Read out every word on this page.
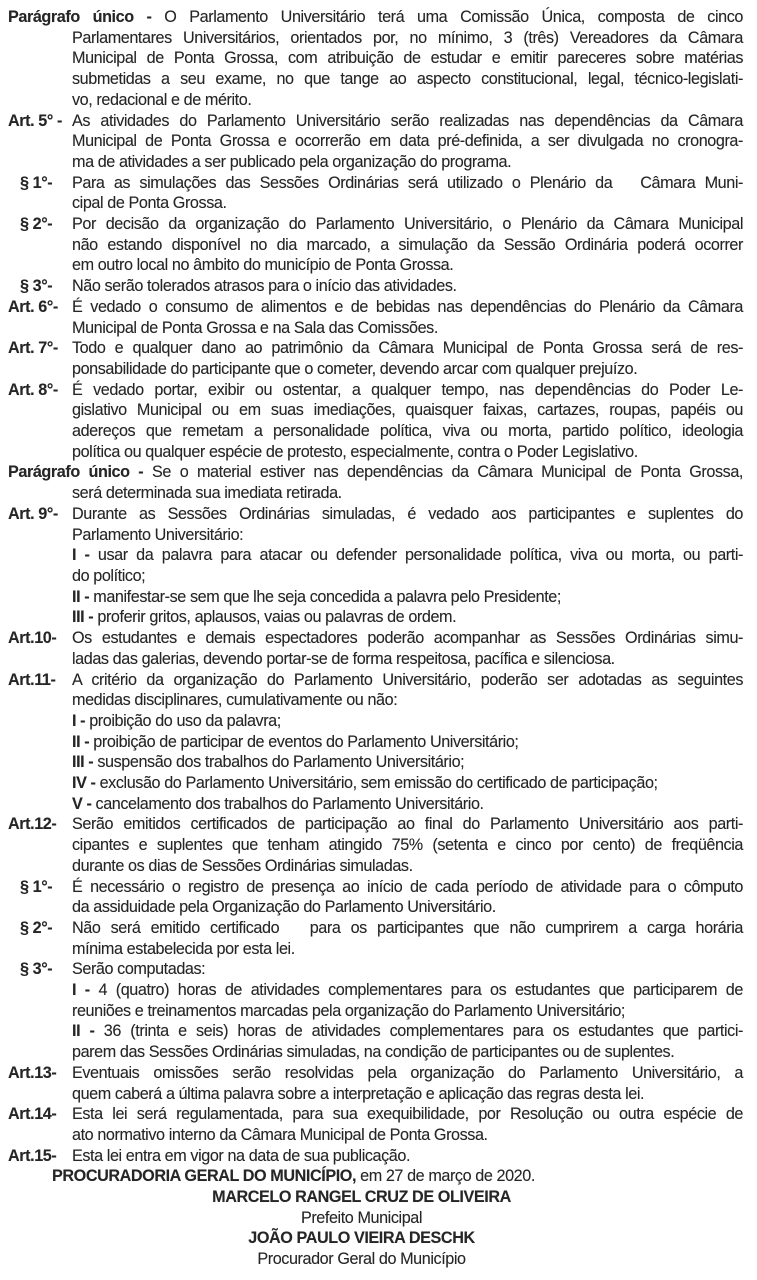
Parágrafo único - O Parlamento Universitário terá uma Comissão Única, composta de cinco
Parlamentares Universitários, orientados por, no mínimo, 3 (três) Vereadores da Câmara
Municipal de Ponta Grossa, com atribuição de estudar e emitir pareceres sobre matérias
submetidas a seu exame, no que tange ao aspecto constitucional, legal, técnico-legislati-
vo, redacional e de mérito.
Art. 5° - As atividades do Parlamento Universitário serão realizadas nas dependências da Câmara
Municipal de Ponta Grossa e ocorrerão em data pré-definida, a ser divulgada no cronogra-
ma de atividades a ser publicado pela organização do programa.
§ 1°-	Para as simulações das Sessões Ordinárias será utilizado o Plenário da   Câmara Muni-
cipal de Ponta Grossa.
§ 2°-	Por decisão da organização do Parlamento Universitário, o Plenário da Câmara Municipal
não estando disponível no dia marcado, a simulação da Sessão Ordinária poderá ocorrer
em outro local no âmbito do município de Ponta Grossa.
§ 3°-	Não serão tolerados atrasos para o início das atividades.
Art. 6°- É vedado o consumo de alimentos e de bebidas nas dependências do Plenário da Câmara
Municipal de Ponta Grossa e na Sala das Comissões.
Art. 7°- Todo e qualquer dano ao patrimônio da Câmara Municipal de Ponta Grossa será de res-
ponsabilidade do participante que o cometer, devendo arcar com qualquer prejuízo.
Art. 8°- É vedado portar, exibir ou ostentar, a qualquer tempo, nas dependências do Poder Le-
gislativo Municipal ou em suas imediações, quaisquer faixas, cartazes, roupas, papéis ou
adereços que remetam a personalidade política, viva ou morta, partido político, ideologia
política ou qualquer espécie de protesto, especialmente, contra o Poder Legislativo.
Parágrafo único - Se o material estiver nas dependências da Câmara Municipal de Ponta Grossa,
será determinada sua imediata retirada.
Art. 9°- Durante as Sessões Ordinárias simuladas, é vedado aos participantes e suplentes do
Parlamento Universitário:
I - usar da palavra para atacar ou defender personalidade política, viva ou morta, ou parti-
do político;
II - manifestar-se sem que lhe seja concedida a palavra pelo Presidente;
III - proferir gritos, aplausos, vaias ou palavras de ordem.
Art.10- Os estudantes e demais espectadores poderão acompanhar as Sessões Ordinárias simu-
ladas das galerias, devendo portar-se de forma respeitosa, pacífica e silenciosa.
Art.11-	A critério da organização do Parlamento Universitário, poderão ser adotadas as seguintes
medidas disciplinares, cumulativamente ou não:
I - proibição do uso da palavra;
II - proibição de participar de eventos do Parlamento Universitário;
III - suspensão dos trabalhos do Parlamento Universitário;
IV - exclusão do Parlamento Universitário, sem emissão do certificado de participação;
V - cancelamento dos trabalhos do Parlamento Universitário.
Art.12- Serão emitidos certificados de participação ao final do Parlamento Universitário aos parti-
cipantes e suplentes que tenham atingido 75% (setenta e cinco por cento) de freqüência
durante os dias de Sessões Ordinárias simuladas.
§ 1°-	É necessário o registro de presença ao início de cada período de atividade para o cômputo
da assiduidade pela Organização do Parlamento Universitário.
§ 2°-	Não será emitido certificado   para os participantes que não cumprirem a carga horária
mínima estabelecida por esta lei.
§ 3°-	Serão computadas:
I - 4 (quatro) horas de atividades complementares para os estudantes que participarem de
reuniões e treinamentos marcadas pela organização do Parlamento Universitário;
II - 36 (trinta e seis) horas de atividades complementares para os estudantes que partici-
parem das Sessões Ordinárias simuladas, na condição de participantes ou de suplentes.
Art.13- Eventuais omissões serão resolvidas pela organização do Parlamento Universitário, a
quem caberá a última palavra sobre a interpretação e aplicação das regras desta lei.
Art.14- Esta lei será regulamentada, para sua exequibilidade, por Resolução ou outra espécie de
ato normativo interno da Câmara Municipal de Ponta Grossa.
Art.15- Esta lei entra em vigor na data de sua publicação.
PROCURADORIA GERAL DO MUNICÍPIO, em 27 de março de 2020.
MARCELO RANGEL CRUZ DE OLIVEIRA
Prefeito Municipal
JOÃO PAULO VIEIRA DESCHK
Procurador Geral do Município
